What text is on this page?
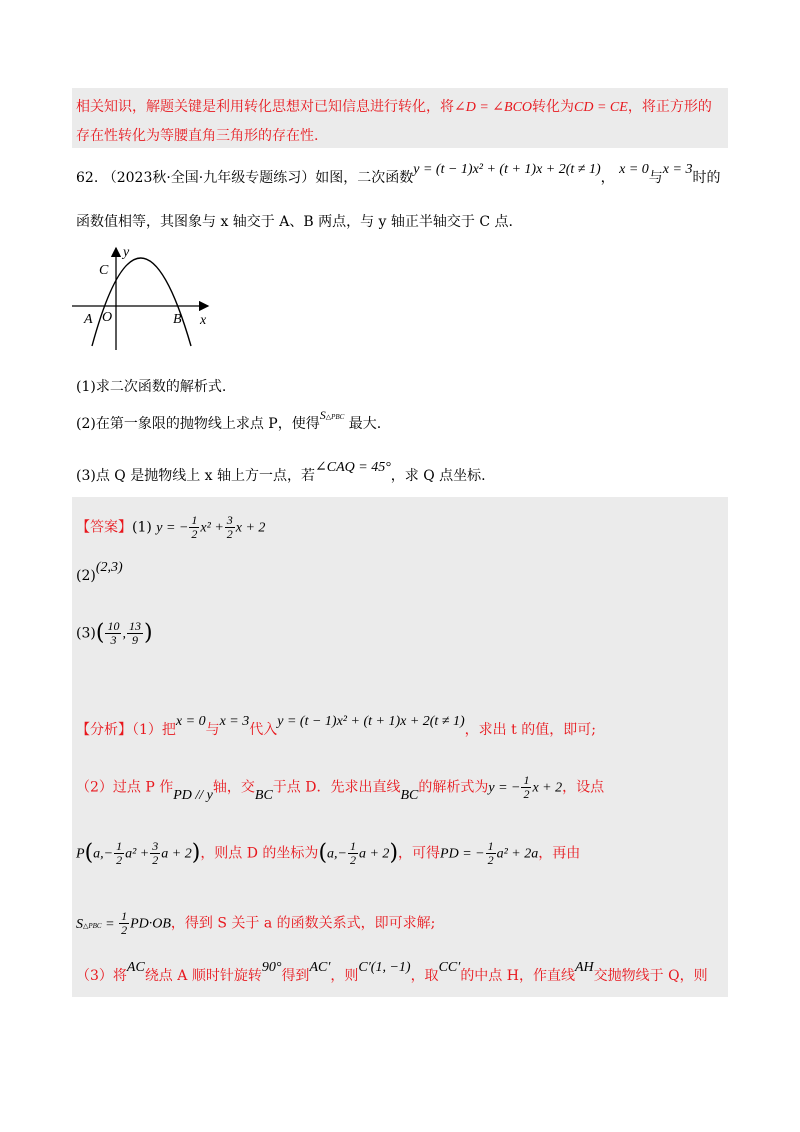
相关知识，解题关键是利用转化思想对已知信息进行转化，将∠D = ∠BCO转化为CD = CE，将正方形的
存在性转化为等腰直角三角形的存在性.
62. （2023秋·全国·九年级专题练习）如图，二次函数y = (t − 1)x² + (t + 1)x + 2(t ≠ 1)， x = 0与x = 3时的
函数值相等，其图象与 x 轴交于 A、B 两点，与 y 轴正半轴交于 C 点.
y
x
C
A O	B
(1)求二次函数的解析式.
(2)在第一象限的抛物线上求点 P，使得S△PBC 最大.
(3)点 Q 是抛物线上 x 轴上方一点，若∠CAQ = 45°，求 Q 点坐标.
【答案】(1) y = − $\frac{1}{2} x^2 + \frac{3}{2}$ x + 2
(2)(2,3)
$(3)( \frac{10}{3}$ , $\frac{13}{9}$ )
【分析】（1）把x = 0与x = 3代入y = (t − 1)x² + (t + 1)x + 2(t ≠ 1)，求出 t 的值，即可;
（2）过点 P 作PD // y轴，交BC于点 D．先求出直线BC的解析式为y = − $\frac{1}{2}$ x + 2，设点
$P(a,- \frac{1}{2} a^2 + \frac{3}{2}$ a + 2)，则点 D 的坐标为($a,- \frac{1}{2}$ a + 2)，可得PD = − $\frac{1}{2} a^2 + 2a$，再由
S△PBC = $\frac{1}{2} PD\cdot OB$，得到 S 关于 a 的函数关系式，即可求解;
（3）将AC绕点 A 顺时针旋转90°得到AC′，则C′(1, −1)，取CC′的中点 H，作直线AH交抛物线于 Q，则
